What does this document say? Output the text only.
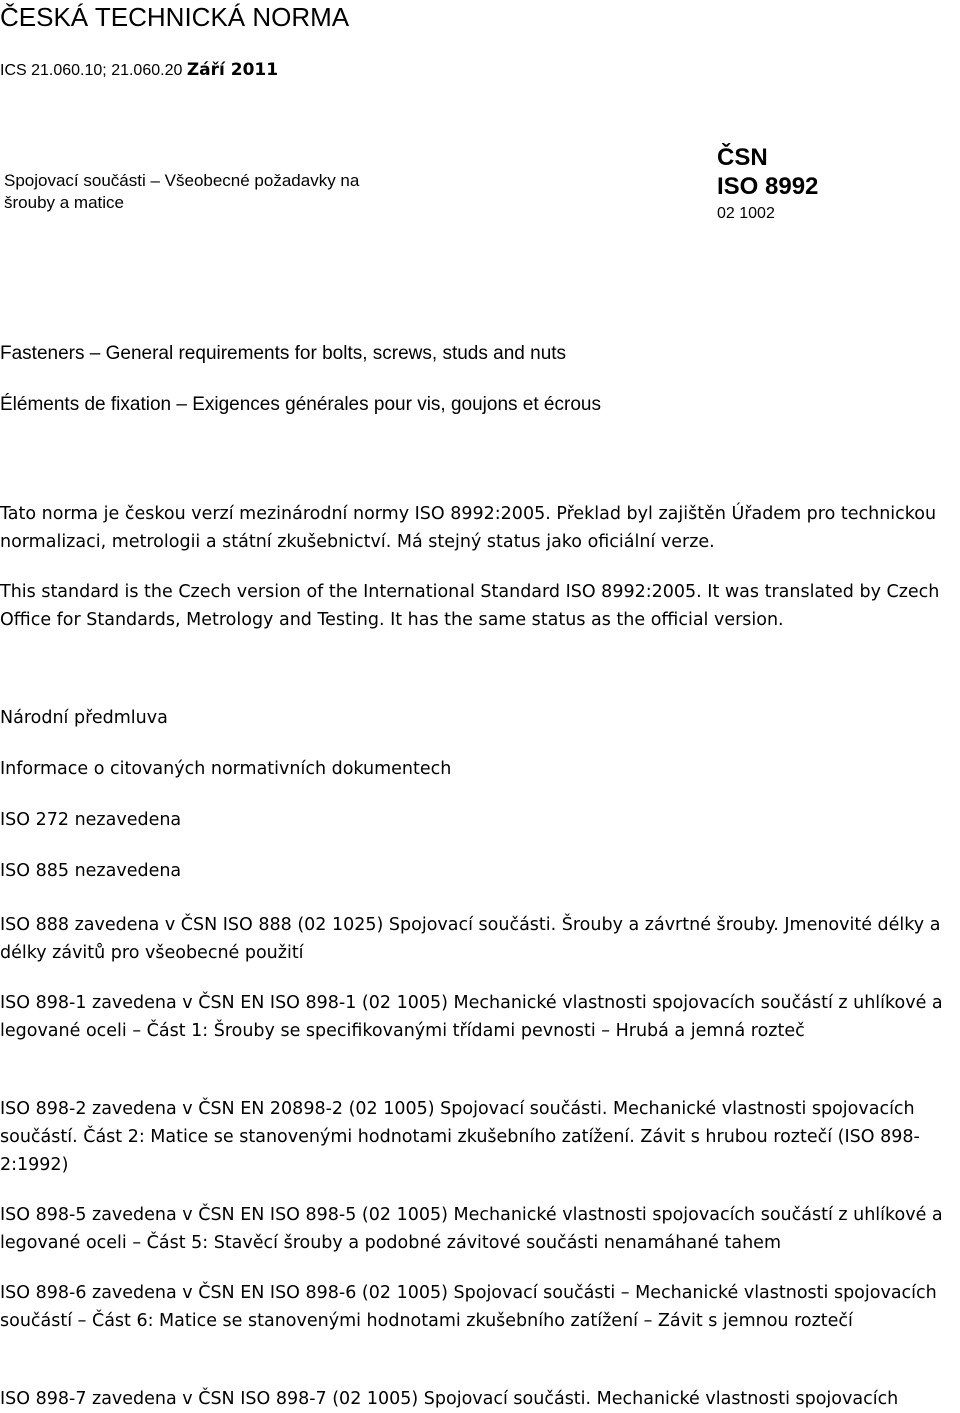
ČESKÁ TECHNICKÁ NORMA
ICS 21.060.10; 21.060.20 Září 2011
Spojovací součásti – Všeobecné požadavky na šrouby a matice
ČSN
ISO 8992
02 1002
Fasteners – General requirements for bolts, screws, studs and nuts
Éléments de fixation – Exigences générales pour vis, goujons et écrous
Tato norma je českou verzí mezinárodní normy ISO 8992:2005. Překlad byl zajištěn Úřadem pro technickou normalizaci, metrologii a státní zkušebnictví. Má stejný status jako oficiální verze.
This standard is the Czech version of the International Standard ISO 8992:2005. It was translated by Czech Office for Standards, Metrology and Testing. It has the same status as the official version.
Národní předmluva
Informace o citovaných normativních dokumentech
ISO 272 nezavedena
ISO 885 nezavedena
ISO 888 zavedena v ČSN ISO 888 (02 1025) Spojovací součásti. Šrouby a závrtné šrouby. Jmenovité délky a délky závitů pro všeobecné použití
ISO 898-1 zavedena v ČSN EN ISO 898-1 (02 1005) Mechanické vlastnosti spojovacích součástí z uhlíkové a legované oceli – Část 1: Šrouby se specifikovanými třídami pevnosti – Hrubá a jemná rozteč
ISO 898-2 zavedena v ČSN EN 20898-2 (02 1005) Spojovací součásti. Mechanické vlastnosti spojovacích součástí. Část 2: Matice se stanovenými hodnotami zkušebního zatížení. Závit s hrubou roztečí (ISO 898-2:1992)
ISO 898-5 zavedena v ČSN EN ISO 898-5 (02 1005) Mechanické vlastnosti spojovacích součástí z uhlíkové a legované oceli – Část 5: Stavěcí šrouby a podobné závitové součásti nenamáhané tahem
ISO 898-6 zavedena v ČSN EN ISO 898-6 (02 1005) Spojovací součásti – Mechanické vlastnosti spojovacích součástí – Část 6: Matice se stanovenými hodnotami zkušebního zatížení – Závit s jemnou roztečí
ISO 898-7 zavedena v ČSN ISO 898-7 (02 1005) Spojovací součásti. Mechanické vlastnosti spojovacích
